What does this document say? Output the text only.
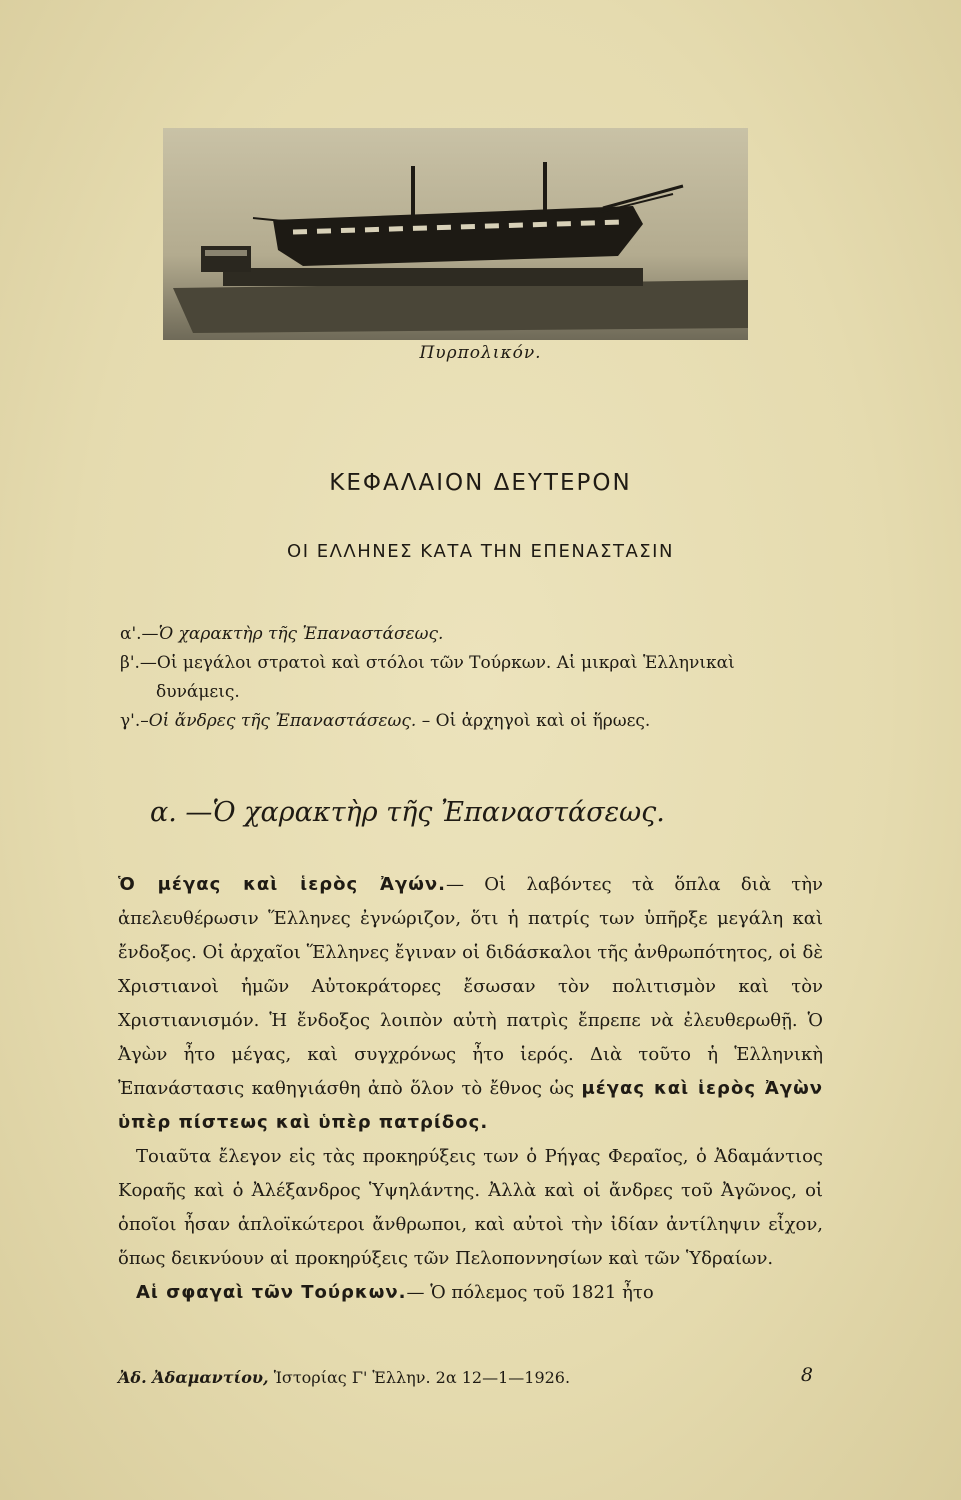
Πυρπολικόν.
ΚΕΦΑΛΑΙΟΝ ΔΕΥΤΕΡΟΝ
ΟΙ ΕΛΛΗΝΕΣ ΚΑΤΑ ΤΗΝ ΕΠΕΝΑΣΤΑΣΙΝ
α'.—Ὁ χαρακτὴρ τῆς Ἐπαναστάσεως.
β'.—Οἱ μεγάλοι στρατοὶ καὶ στόλοι τῶν Τούρκων. Αἱ μικραὶ Ἑλληνικαὶ
δυνάμεις.
γ'.–Οἱ ἄνδρες τῆς Ἐπαναστάσεως. – Οἱ ἀρχηγοὶ καὶ οἱ ἥρωες.
α. —Ὁ χαρακτὴρ τῆς Ἐπαναστάσεως.

Ὁ μέγας καὶ ἱερὸς Ἀγών.— Οἱ λαβόντες τὰ ὅπλα διὰ τὴν ἀπελευθέρωσιν Ἕλληνες ἐγνώριζον, ὅτι ἡ πατρίς των ὑπῆρξε μεγάλη καὶ ἔνδοξος. Οἱ ἀρχαῖοι Ἕλληνες ἔγιναν οἱ διδάσκαλοι τῆς ἀνθρωπότητος, οἱ δὲ Χριστιανοὶ ἡμῶν Αὐτοκράτορες ἔσωσαν τὸν πολιτισμὸν καὶ τὸν Χριστιανισμόν. Ἡ ἔνδοξος λοιπὸν αὐτὴ πατρὶς ἔπρεπε νὰ ἐλευθερωθῇ. Ὁ Ἀγὼν ἦτο μέγας, καὶ συγχρόνως ἦτο ἱερός. Διὰ τοῦτο ἡ Ἑλληνικὴ Ἐπανάστασις καθηγιάσθη ἀπὸ ὅλον τὸ ἔθνος ὡς μέγας καὶ ἱερὸς Ἀγὼν ὑπὲρ πίστεως καὶ ὑπὲρ πατρίδος.

Τοιαῦτα ἔλεγον εἰς τὰς προκηρύξεις των ὁ Ρήγας Φεραῖος, ὁ Ἀδαμάντιος Κοραῆς καὶ ὁ Ἀλέξανδρος Ὑψηλάντης. Ἀλλὰ καὶ οἱ ἄνδρες τοῦ Ἀγῶνος, οἱ ὁποῖοι ἦσαν ἁπλοϊκώτεροι ἄνθρωποι, καὶ αὐτοὶ τὴν ἰδίαν ἀντίληψιν εἶχον, ὅπως δεικνύουν αἱ προκηρύξεις τῶν Πελοποννησίων καὶ τῶν Ὑδραίων.

Αἱ σφαγαὶ τῶν Τούρκων.— Ὁ πόλεμος τοῦ 1821 ἦτο

Ἀδ. Ἀδαμαντίου, Ἱστορίας Γ' Ἑλλην. 2α 12—1—1926.	8
